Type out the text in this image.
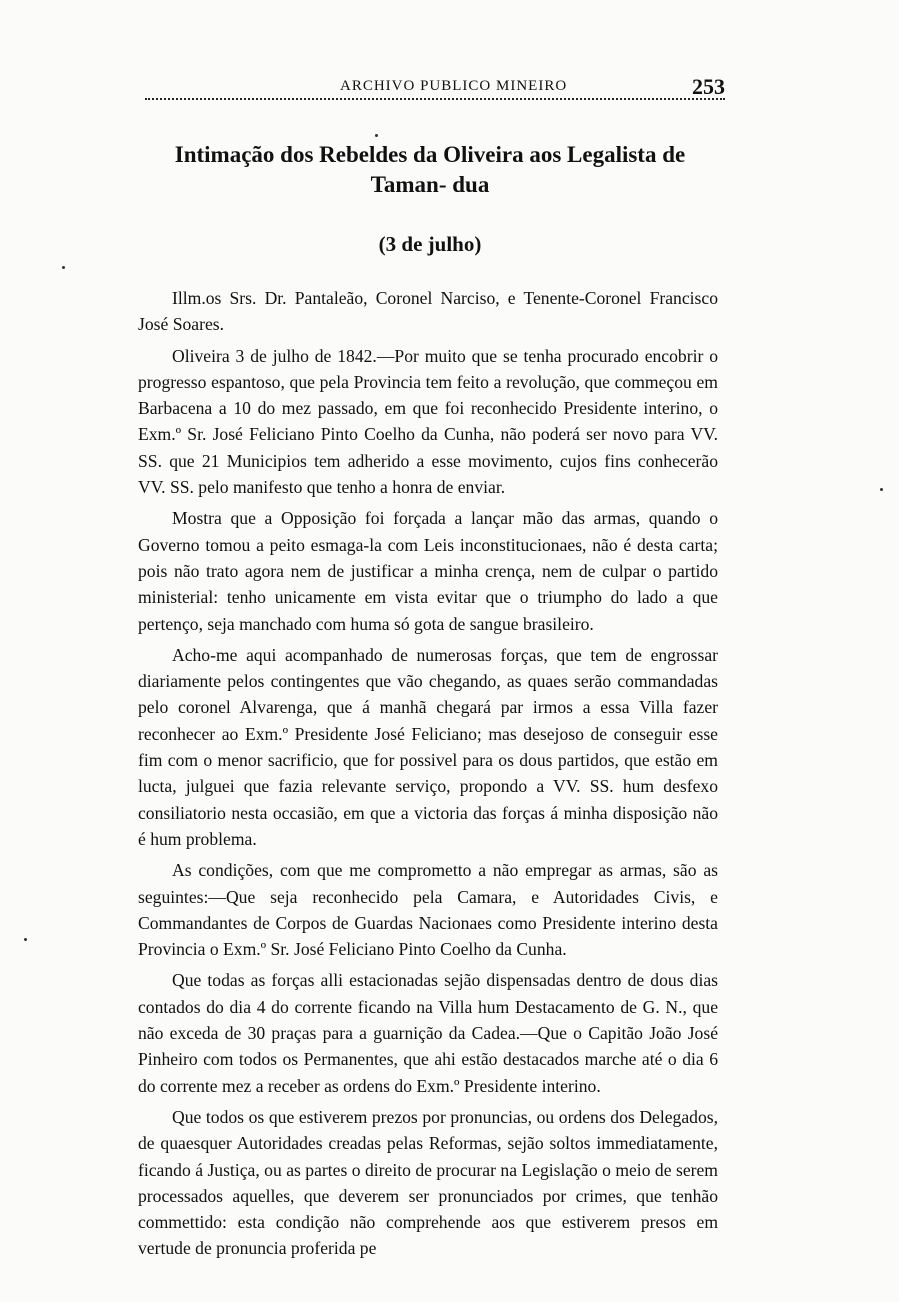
ARCHIVO PUBLICO MINEIRO	253
Intimação dos Rebeldes da Oliveira aos Legalista de Taman- dua
(3 de julho)

Illm.os Srs. Dr. Pantaleão, Coronel Narciso, e Tenente-Coronel Francisco José Soares.

Oliveira 3 de julho de 1842.—Por muito que se tenha procurado encobrir o progresso espantoso, que pela Provincia tem feito a revolução, que commeçou em Barbacena a 10 do mez passado, em que foi reconhecido Presidente interino, o Exm.º Sr. José Feliciano Pinto Coelho da Cunha, não poderá ser novo para VV. SS. que 21 Municipios tem adherido a esse movimento, cujos fins conhecerão VV. SS. pelo manifesto que tenho a honra de enviar.

Mostra que a Opposição foi forçada a lançar mão das armas, quando o Governo tomou a peito esmaga-la com Leis inconstitucionaes, não é desta carta; pois não trato agora nem de justificar a minha crença, nem de culpar o partido ministerial: tenho unicamente em vista evitar que o triumpho do lado a que pertenço, seja manchado com huma só gota de sangue brasileiro.

Acho-me aqui acompanhado de numerosas forças, que tem de engrossar diariamente pelos contingentes que vão chegando, as quaes serão commandadas pelo coronel Alvarenga, que á manhã chegará par irmos a essa Villa fazer reconhecer ao Exm.º Presidente José Feliciano; mas desejoso de conseguir esse fim com o menor sacrificio, que for possivel para os dous partidos, que estão em lucta, julguei que fazia relevante serviço, propondo a VV. SS. hum desfexo consiliatorio nesta occasião, em que a victoria das forças á minha disposição não é hum problema.

As condições, com que me comprometto a não empregar as armas, são as seguintes:—Que seja reconhecido pela Camara, e Autoridades Civis, e Commandantes de Corpos de Guardas Nacionaes como Presidente interino desta Provincia o Exm.º Sr. José Feliciano Pinto Coelho da Cunha.

Que todas as forças alli estacionadas sejão dispensadas dentro de dous dias contados do dia 4 do corrente ficando na Villa hum Destacamento de G. N., que não exceda de 30 praças para a guarnição da Cadea.—Que o Capitão João José Pinheiro com todos os Permanentes, que ahi estão destacados marche até o dia 6 do corrente mez a receber as ordens do Exm.º Presidente interino.

Que todos os que estiverem prezos por pronuncias, ou ordens dos Delegados, de quaesquer Autoridades creadas pelas Reformas, sejão soltos immediatamente, ficando á Justiça, ou as partes o direito de procurar na Legislação o meio de serem processados aquelles, que deverem ser pronunciados por crimes, que tenhão commettido: esta condição não comprehende aos que estiverem presos em vertude de pronuncia proferida pe
